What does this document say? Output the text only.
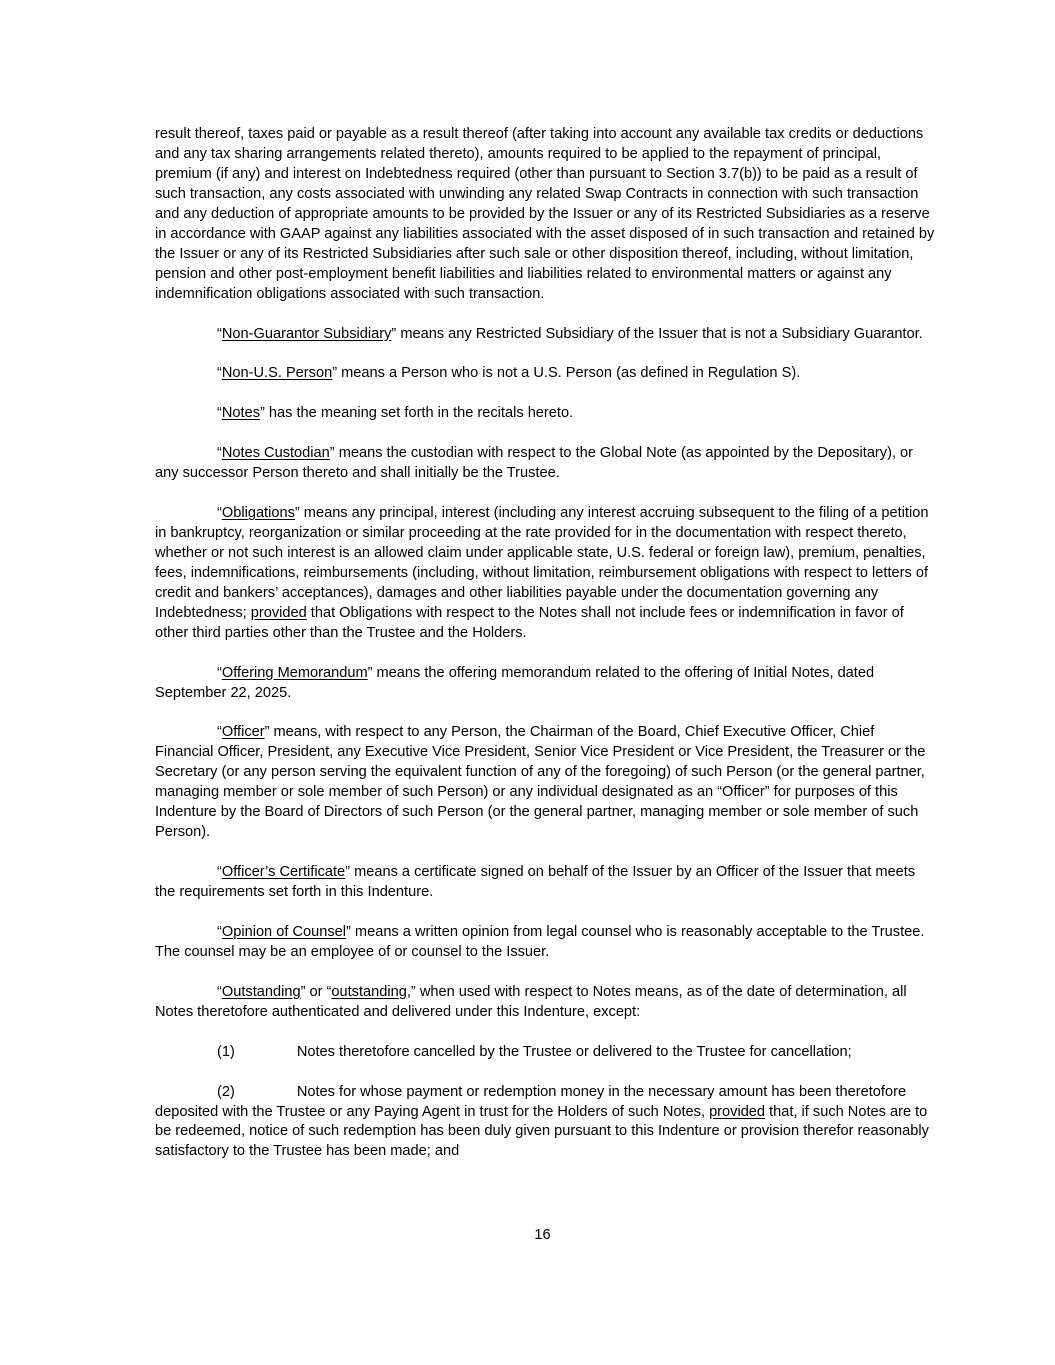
result thereof, taxes paid or payable as a result thereof (after taking into account any available tax credits or deductions and any tax sharing arrangements related thereto), amounts required to be applied to the repayment of principal, premium (if any) and interest on Indebtedness required (other than pursuant to Section 3.7(b)) to be paid as a result of such transaction, any costs associated with unwinding any related Swap Contracts in connection with such transaction and any deduction of appropriate amounts to be provided by the Issuer or any of its Restricted Subsidiaries as a reserve in accordance with GAAP against any liabilities associated with the asset disposed of in such transaction and retained by the Issuer or any of its Restricted Subsidiaries after such sale or other disposition thereof, including, without limitation, pension and other post-employment benefit liabilities and liabilities related to environmental matters or against any indemnification obligations associated with such transaction.

“Non-Guarantor Subsidiary” means any Restricted Subsidiary of the Issuer that is not a Subsidiary Guarantor.

“Non-U.S. Person” means a Person who is not a U.S. Person (as defined in Regulation S).

“Notes” has the meaning set forth in the recitals hereto.

“Notes Custodian” means the custodian with respect to the Global Note (as appointed by the Depositary), or any successor Person thereto and shall initially be the Trustee.

“Obligations” means any principal, interest (including any interest accruing subsequent to the filing of a petition in bankruptcy, reorganization or similar proceeding at the rate provided for in the documentation with respect thereto, whether or not such interest is an allowed claim under applicable state, U.S. federal or foreign law), premium, penalties, fees, indemnifications, reimbursements (including, without limitation, reimbursement obligations with respect to letters of credit and bankers’ acceptances), damages and other liabilities payable under the documentation governing any Indebtedness; provided that Obligations with respect to the Notes shall not include fees or indemnification in favor of other third parties other than the Trustee and the Holders.

“Offering Memorandum” means the offering memorandum related to the offering of Initial Notes, dated September 22, 2025.

“Officer” means, with respect to any Person, the Chairman of the Board, Chief Executive Officer, Chief Financial Officer, President, any Executive Vice President, Senior Vice President or Vice President, the Treasurer or the Secretary (or any person serving the equivalent function of any of the foregoing) of such Person (or the general partner, managing member or sole member of such Person) or any individual designated as an “Officer” for purposes of this Indenture by the Board of Directors of such Person (or the general partner, managing member or sole member of such Person).

“Officer’s Certificate” means a certificate signed on behalf of the Issuer by an Officer of the Issuer that meets the requirements set forth in this Indenture.

“Opinion of Counsel” means a written opinion from legal counsel who is reasonably acceptable to the Trustee. The counsel may be an employee of or counsel to the Issuer.

“Outstanding” or “outstanding,” when used with respect to Notes means, as of the date of determination, all Notes theretofore authenticated and delivered under this Indenture, except:

(1)	Notes theretofore cancelled by the Trustee or delivered to the Trustee for cancellation;

(2)	Notes for whose payment or redemption money in the necessary amount has been theretofore deposited with the Trustee or any Paying Agent in trust for the Holders of such Notes, provided that, if such Notes are to be redeemed, notice of such redemption has been duly given pursuant to this Indenture or provision therefor reasonably satisfactory to the Trustee has been made; and

16
